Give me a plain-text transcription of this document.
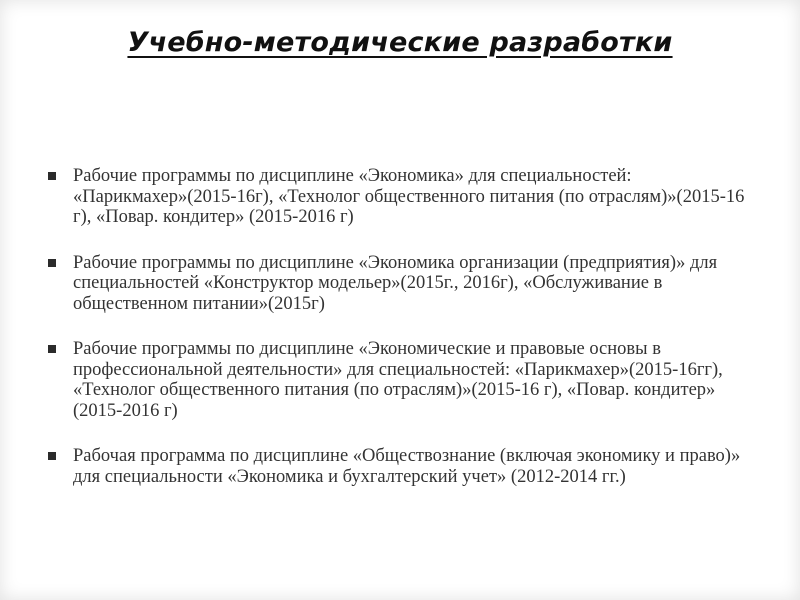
Учебно-методические разработки
Рабочие программы по дисциплине «Экономика» для специальностей: «Парикмахер»(2015-16г), «Технолог общественного питания (по отраслям)»(2015-16 г), «Повар. кондитер» (2015-2016 г)
Рабочие программы по дисциплине «Экономика организации (предприятия)» для специальностей «Конструктор модельер»(2015г., 2016г), «Обслуживание в общественном питании»(2015г)
Рабочие программы по дисциплине «Экономические и правовые основы в профессиональной деятельности» для специальностей: «Парикмахер»(2015-16гг), «Технолог общественного питания (по отраслям)»(2015-16 г), «Повар. кондитер» (2015-2016 г)
Рабочая программа по дисциплине «Обществознание (включая экономику и право)» для специальности «Экономика и бухгалтерский учет» (2012-2014 гг.)
